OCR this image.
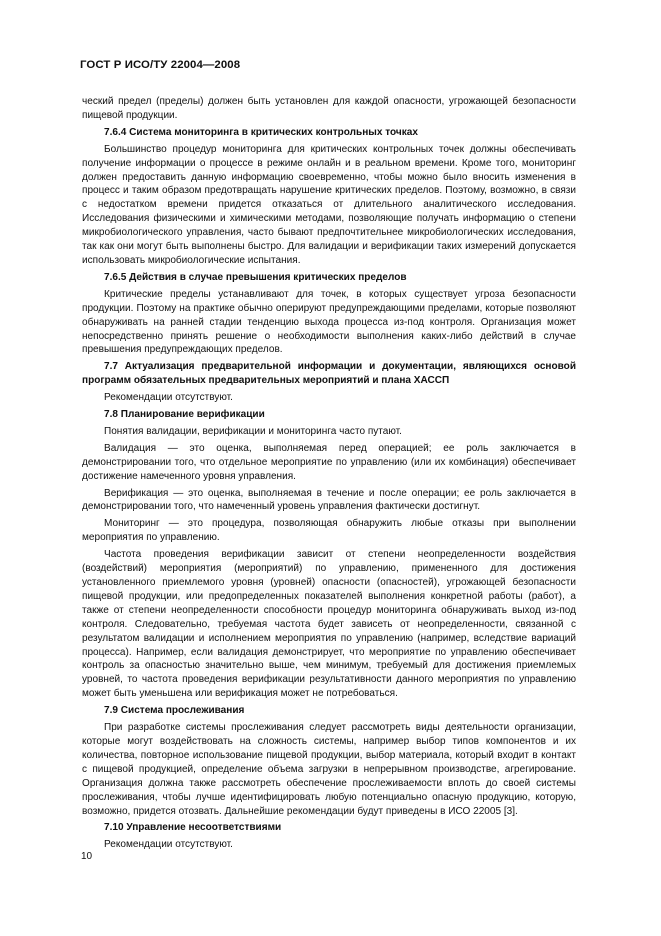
ГОСТ Р ИСО/ТУ 22004—2008

ческий предел (пределы) должен быть установлен для каждой опасности, угрожающей безопасности пищевой продукции.

7.6.4 Система мониторинга в критических контрольных точках

Большинство процедур мониторинга для критических контрольных точек должны обеспечивать получение информации о процессе в режиме онлайн и в реальном времени. Кроме того, мониторинг должен предоставить данную информацию своевременно, чтобы можно было вносить изменения в процесс и таким образом предотвращать нарушение критических пределов. Поэтому, возможно, в связи с недостатком времени придется отказаться от длительного аналитического исследования. Исследования физическими и химическими методами, позволяющие получать информацию о степени микробиологического управления, часто бывают предпочтительнее микробиологических исследования, так как они могут быть выполнены быстро. Для валидации и верификации таких измерений допускается использовать микробиологические испытания.

7.6.5 Действия в случае превышения критических пределов

Критические пределы устанавливают для точек, в которых существует угроза безопасности продукции. Поэтому на практике обычно оперируют предупреждающими пределами, которые позволяют обнаруживать на ранней стадии тенденцию выхода процесса из-под контроля. Организация может непосредственно принять решение о необходимости выполнения каких-либо действий в случае превышения предупреждающих пределов.

7.7 Актуализация предварительной информации и документации, являющихся основой программ обязательных предварительных мероприятий и плана ХАССП

Рекомендации отсутствуют.

7.8 Планирование верификации

Понятия валидации, верификации и мониторинга часто путают.

Валидация — это оценка, выполняемая перед операцией; ее роль заключается в демонстрировании того, что отдельное мероприятие по управлению (или их комбинация) обеспечивает достижение намеченного уровня управления.

Верификация — это оценка, выполняемая в течение и после операции; ее роль заключается в демонстрировании того, что намеченный уровень управления фактически достигнут.

Мониторинг — это процедура, позволяющая обнаружить любые отказы при выполнении мероприятия по управлению.

Частота проведения верификации зависит от степени неопределенности воздействия (воздействий) мероприятия (мероприятий) по управлению, примененного для достижения установленного приемлемого уровня (уровней) опасности (опасностей), угрожающей безопасности пищевой продукции, или предопределенных показателей выполнения конкретной работы (работ), а также от степени неопределенности способности процедур мониторинга обнаруживать выход из-под контроля. Следовательно, требуемая частота будет зависеть от неопределенности, связанной с результатом валидации и исполнением мероприятия по управлению (например, вследствие вариаций процесса). Например, если валидация демонстрирует, что мероприятие по управлению обеспечивает контроль за опасностью значительно выше, чем минимум, требуемый для достижения приемлемых уровней, то частота проведения верификации результативности данного мероприятия по управлению может быть уменьшена или верификация может не потребоваться.

7.9 Система прослеживания

При разработке системы прослеживания следует рассмотреть виды деятельности организации, которые могут воздействовать на сложность системы, например выбор типов компонентов и их количества, повторное использование пищевой продукции, выбор материала, который входит в контакт с пищевой продукцией, определение объема загрузки в непрерывном производстве, агрегирование. Организация должна также рассмотреть обеспечение прослеживаемости вплоть до своей системы прослеживания, чтобы лучше идентифицировать любую потенциально опасную продукцию, которую, возможно, придется отозвать. Дальнейшие рекомендации будут приведены в ИСО 22005 [3].

7.10 Управление несоответствиями

Рекомендации отсутствуют.

10
